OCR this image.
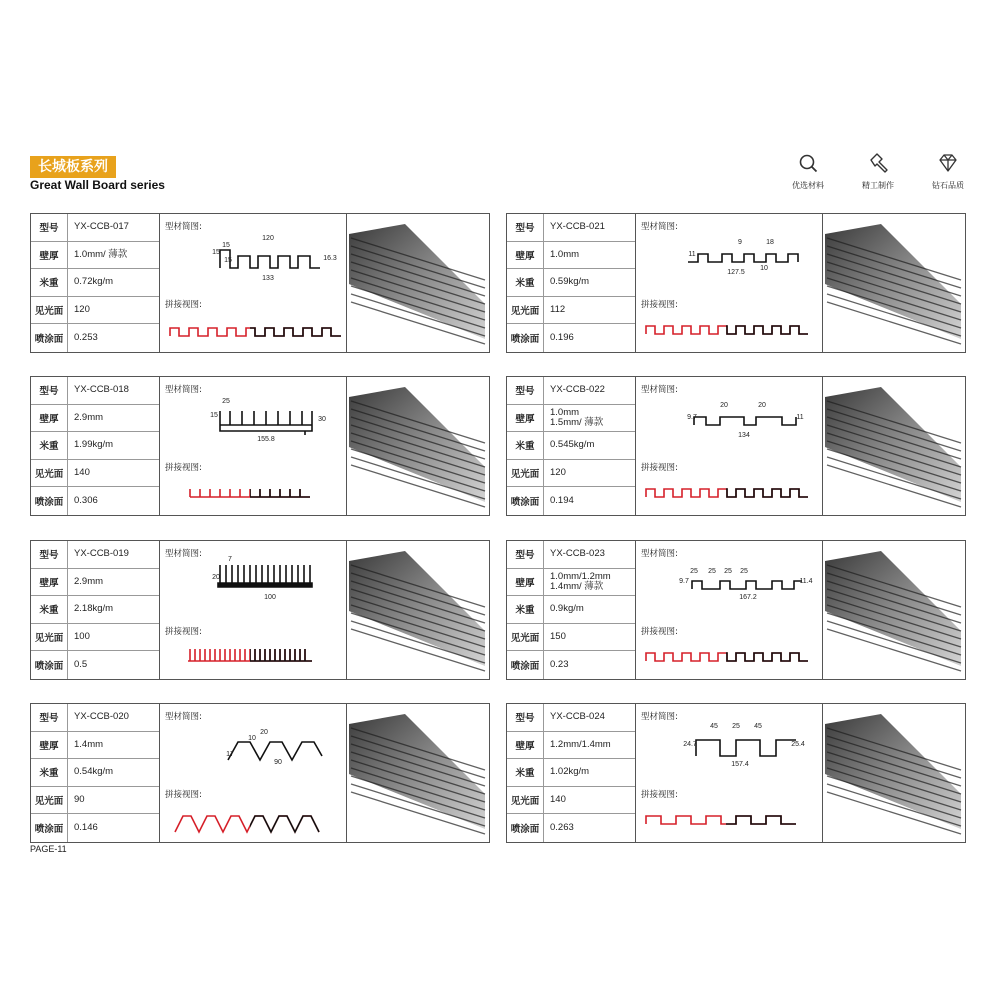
长城板系列
Great Wall Board series	优选材料	精工制作	钻石品质
型号	YX-CCB-017
壁厚	1.0mm/ 薄款
米重	0.72kg/m
见光面	120
喷涂面	0.253
120
15
15
15	16.3
133
型材简图:
拼接视图:
型号	YX-CCB-018
壁厚	2.9mm
米重	1.99kg/m
见光面	140
喷涂面	0.306
25
15
155.8
30
型材简图:
拼接视图:
型号	YX-CCB-019
壁厚	2.9mm
米重	2.18kg/m
见光面	100
喷涂面	0.5
7
20
100
型材简图:
拼接视图:
型号	YX-CCB-020
壁厚	1.4mm
米重	0.54kg/m
见光面	90
喷涂面	0.146
20
10
17
90
型材简图:
拼接视图:
型号	YX-CCB-021
壁厚	1.0mm
米重	0.59kg/m
见光面	112
喷涂面	0.196
9	18
11
127.5
10
型材简图:
拼接视图:
型号	YX-CCB-022
壁厚
1.0mm
1.5mm/ 薄款
米重	0.545kg/m
见光面	120
喷涂面	0.194
20	20
9.7	11
134
型材简图:
拼接视图:
型号	YX-CCB-023
壁厚
1.0mm/1.2mm
1.4mm/ 薄款
米重	0.9kg/m
见光面	150
喷涂面	0.23
25 25 25 25
9.7	11.4
167.2
型材简图:
拼接视图:
型号	YX-CCB-024
壁厚	1.2mm/1.4mm
米重	1.02kg/m
见光面	140
喷涂面	0.263
45 25 45
24.7	25.4
157.4
型材简图:
拼接视图:
PAGE-11
